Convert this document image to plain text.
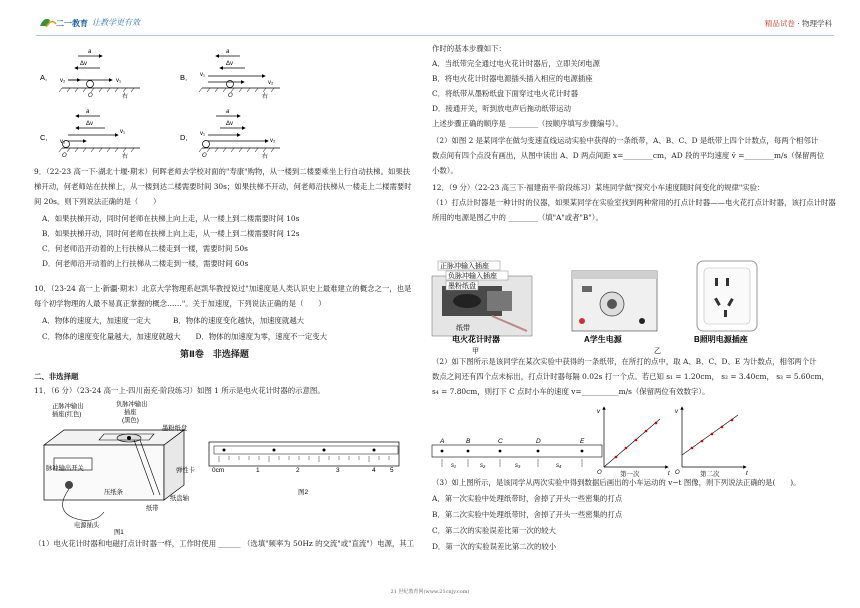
二一教育 让教学更有效	精品试卷 · 物理学科
A．
a
Δv
v₂	v₁
O	右
B．
a
Δv
v₁
v₂
O	右
C．
a
Δv
v₁
v₂
O	右
D．
a
Δv
v₁
v₂
O	右
9．（22-23 高一下·湖北十堰·期末）何晖老师去学校对面的"寿康"购物，从一楼到二楼要乘坐上行自动扶梯。如果扶
梯开动，何老师站在扶梯上，从一楼到达二楼需要时间 30s；如果扶梯不开动，何老师沿扶梯从一楼走上二楼需要时
间 20s。则下列说法正确的是（　　）
A．如果扶梯开动，同时何老师在扶梯上向上走，从一楼上到二楼需要时间 10s
B．如果扶梯开动，同时何老师在扶梯上向上走，从一楼上到二楼需要时间 12s
C．何老师沿开动着的上行扶梯从二楼走到一楼，需要时间 50s
D．何老师沿开动着的上行扶梯从二楼走到一楼，需要时间 60s
10．（23-24 高一上·新疆·期末）北京大学物理系赵凯华教授说过"加速度是人类认识史上最难建立的概念之一，也是
每个初学物理的人最不易真正掌握的概念……"。关于加速度，下列说法正确的是（　　）
A．物体的速度大，加速度一定大　　　B．物体的速度变化越快，加速度就越大
C．物体的速度变化量越大，加速度就越大　　D．物体的加速度为零，速度不一定变大
第Ⅱ卷　非选择题
二、非选择题
11．（6 分）（23-24 高一上·四川南充·阶段练习）如图 1 所示是电火花计时器的示意图。
正脉冲输出
插座(红色)
负脉冲输出
插座
(黑色)
墨粉纸盘
脉冲输出开关
压纸条
弹性卡
纸盘轴
纸带
电源插头
图1
0cm	1	2	3	4 5
图2
（1）电火花计时器和电磁打点计时器一样，工作时使用 ______ （选填"频率为 50Hz 的交流"或"直流"）电源，其工
作时的基本步骤如下：
A．当纸带完全通过电火花计时器后，立即关闭电源
B．将电火花计时器电源插头插入相应的电源插座
C．将纸带从墨粉纸盘下面穿过电火花计时器
D．接通开关，听到放电声后拖动纸带运动
上述步骤正确的顺序是 ________（按顺序填写步骤编号）。
（2）如图 2 是某同学在做匀变速直线运动实验中获得的一条纸带，A、B、C、D 是纸带上四个计数点，每两个相邻计
数点间有四个点没有画出，从图中读出 A、D 两点间距 x=________cm，AD 段的平均速度 v̄ =________m/s（保留两位
小数）。
12．（9 分）（22-23 高三下·福建南平·阶段练习）某班同学做"探究小车速度随时间变化的规律"实验：
（1）打点计时器是一种计时的仪器，如果某同学在实验室找到两种常用的打点计时器——电火花打点计时器，该打点计时器
所用的电源是图乙中的 ________（填"A"或者"B"）。
正脉冲输入插座
负脉冲输入插座
墨粉纸盘
纸带
电火花计时器	A学生电源	B照明电源插座
甲	乙
（2）如下图所示是该同学在某次实验中获得的一条纸带，在所打的点中，取 A、B、C、D、E 为计数点，相邻两个计
数点之间还有四个点未标出，打点计时器每隔 0.02s 打一个点。若已知 s₁ = 1.20cm， s₂ = 3.40cm， s₃ = 5.60cm，
s₄ = 7.80cm，则打下 C 点时小车的速度 v=__________m/s（保留两位有效数字）。
A	B	C	D	E
s₁	s₂	s₃	s₄
v
t
O	第一次
v
t
O	第二次
（3）如上图所示，是该同学从两次实验中得到数据后画出的小车运动的 v−t 图像，则下列说法正确的是(　　)。
A．第一次实验中处理纸带时，舍掉了开头一些密集的打点
B．第二次实验中处理纸带时，舍掉了开头一些密集的打点
C．第二次的实验误差比第一次的较大
D．第一次的实验误差比第二次的较小
21 世纪教育网(www.21cnjy.com)
